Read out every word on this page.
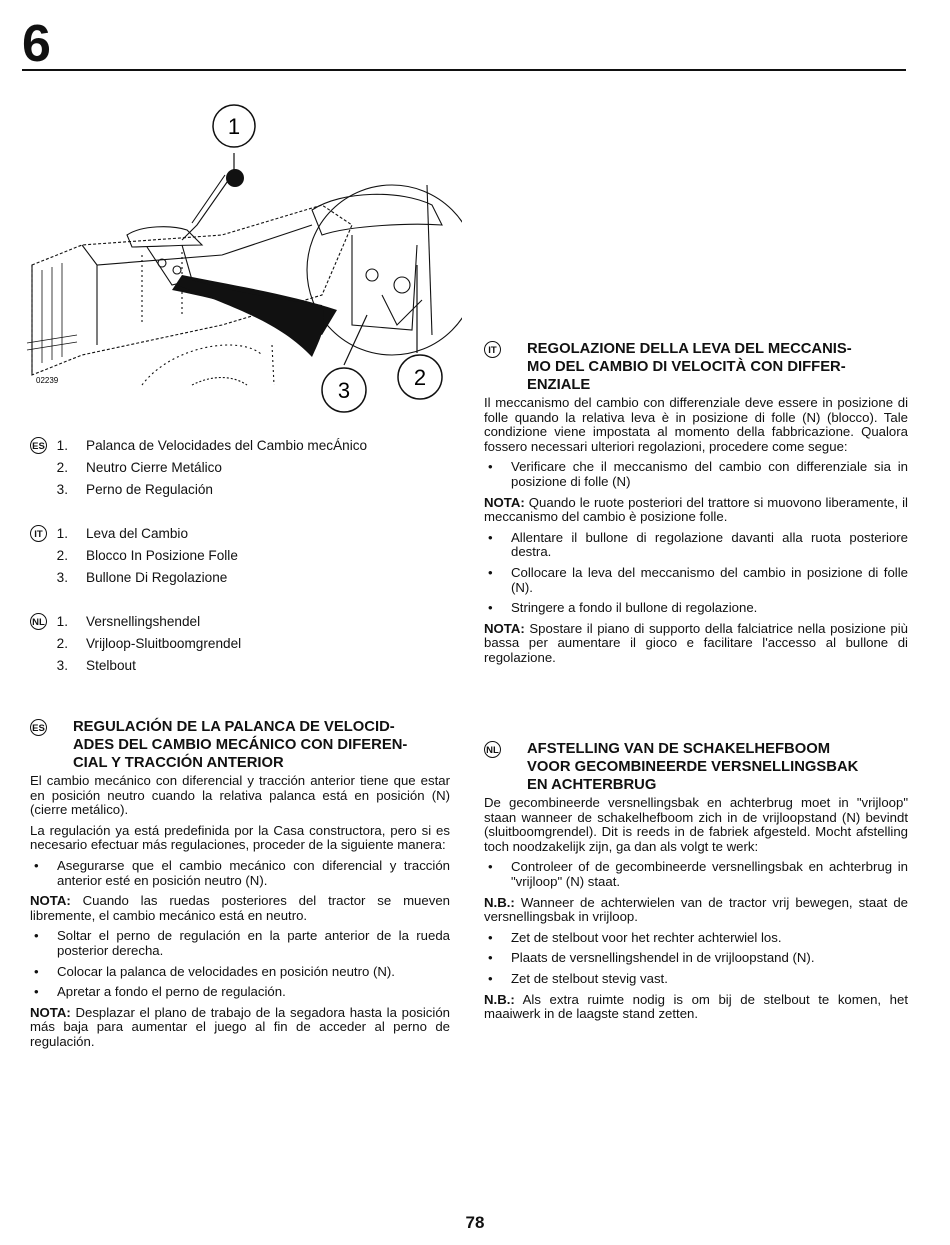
6
1
2
3
02239
ES 1. Palanca de Velocidades del Cambio mecÁnico
2. Neutro Cierre Metálico
3. Perno de Regulación
IT	1. Leva del Cambio
2. Blocco In Posizione Folle
3. Bullone Di Regolazione
NL 1. Versnellingshendel
2. Vrijloop-Sluitboomgrendel
3. Stelbout
ES REGULACIÓN DE LA PALANCA DE VELOCID-
ADES DEL CAMBIO MECÁNICO CON DIFEREN-
CIAL Y TRACCIÓN ANTERIOR

El cambio mecánico con diferencial y tracción anterior tiene que estar en posición neutro cuando la relativa palanca está en posición (N) (cierre metálico).

La regulación ya está predefinida por la Casa constructora, pero si es necesario efectuar más regulaciones, proceder de la siguiente manera:

• Asegurarse que el cambio mecánico con diferencial y tracción anterior esté en posición neutro (N).

NOTA: Cuando las ruedas posteriores del tractor se mueven libremente, el cambio mecánico está en neutro.

• Soltar el perno de regulación en la parte anterior de la rueda posterior derecha.
• Colocar la palanca de velocidades en posición neutro (N).
• Apretar a fondo el perno de regulación.

NOTA: Desplazar el plano de trabajo de la segadora hasta la posición más baja para aumentar el juego al fin de acceder al perno de regulación.

IT REGOLAZIONE DELLA LEVA DEL MECCANIS-
MO DEL CAMBIO DI VELOCITÀ CON DIFFER-
ENZIALE

Il meccanismo del cambio con differenziale deve essere in posizione di folle quando la relativa leva è in posizione di folle (N) (blocco). Tale condizione viene impostata al momento della fabbricazione. Qualora fossero necessari ulteriori regolazioni, procedere come segue:

• Verificare che il meccanismo del cambio con differenziale sia in posizione di folle (N)

NOTA: Quando le ruote posteriori del trattore si muovono liberamente, il meccanismo del cambio è posizione folle.

• Allentare il bullone di regolazione davanti alla ruota posteriore destra.
• Collocare la leva del meccanismo del cambio in posizione di folle (N).
• Stringere a fondo il bullone di regolazione.

NOTA: Spostare il piano di supporto della falciatrice nella posizione più bassa per aumentare il gioco e facilitare l'accesso al bullone di regolazione.

NL AFSTELLING VAN DE SCHAKELHEFBOOM
VOOR GECOMBINEERDE VERSNELLINGSBAK
EN ACHTERBRUG

De gecombineerde versnellingsbak en achterbrug moet in "vrijloop" staan wanneer de schakelhefboom zich in de vrijloopstand (N) bevindt (sluitboomgrendel). Dit is reeds in de fabriek afgesteld. Mocht afstelling toch noodzakelijk zijn, ga dan als volgt te werk:

• Controleer of de gecombineerde versnellingsbak en achterbrug in "vrijloop" (N) staat.

N.B.: Wanneer de achterwielen van de tractor vrij bewegen, staat de versnellingsbak in vrijloop.

• Zet de stelbout voor het rechter achterwiel los.
• Plaats de versnellingshendel in de vrijloopstand (N).
• Zet de stelbout stevig vast.

N.B.: Als extra ruimte nodig is om bij de stelbout te komen, het maaiwerk in de laagste stand zetten.

78
